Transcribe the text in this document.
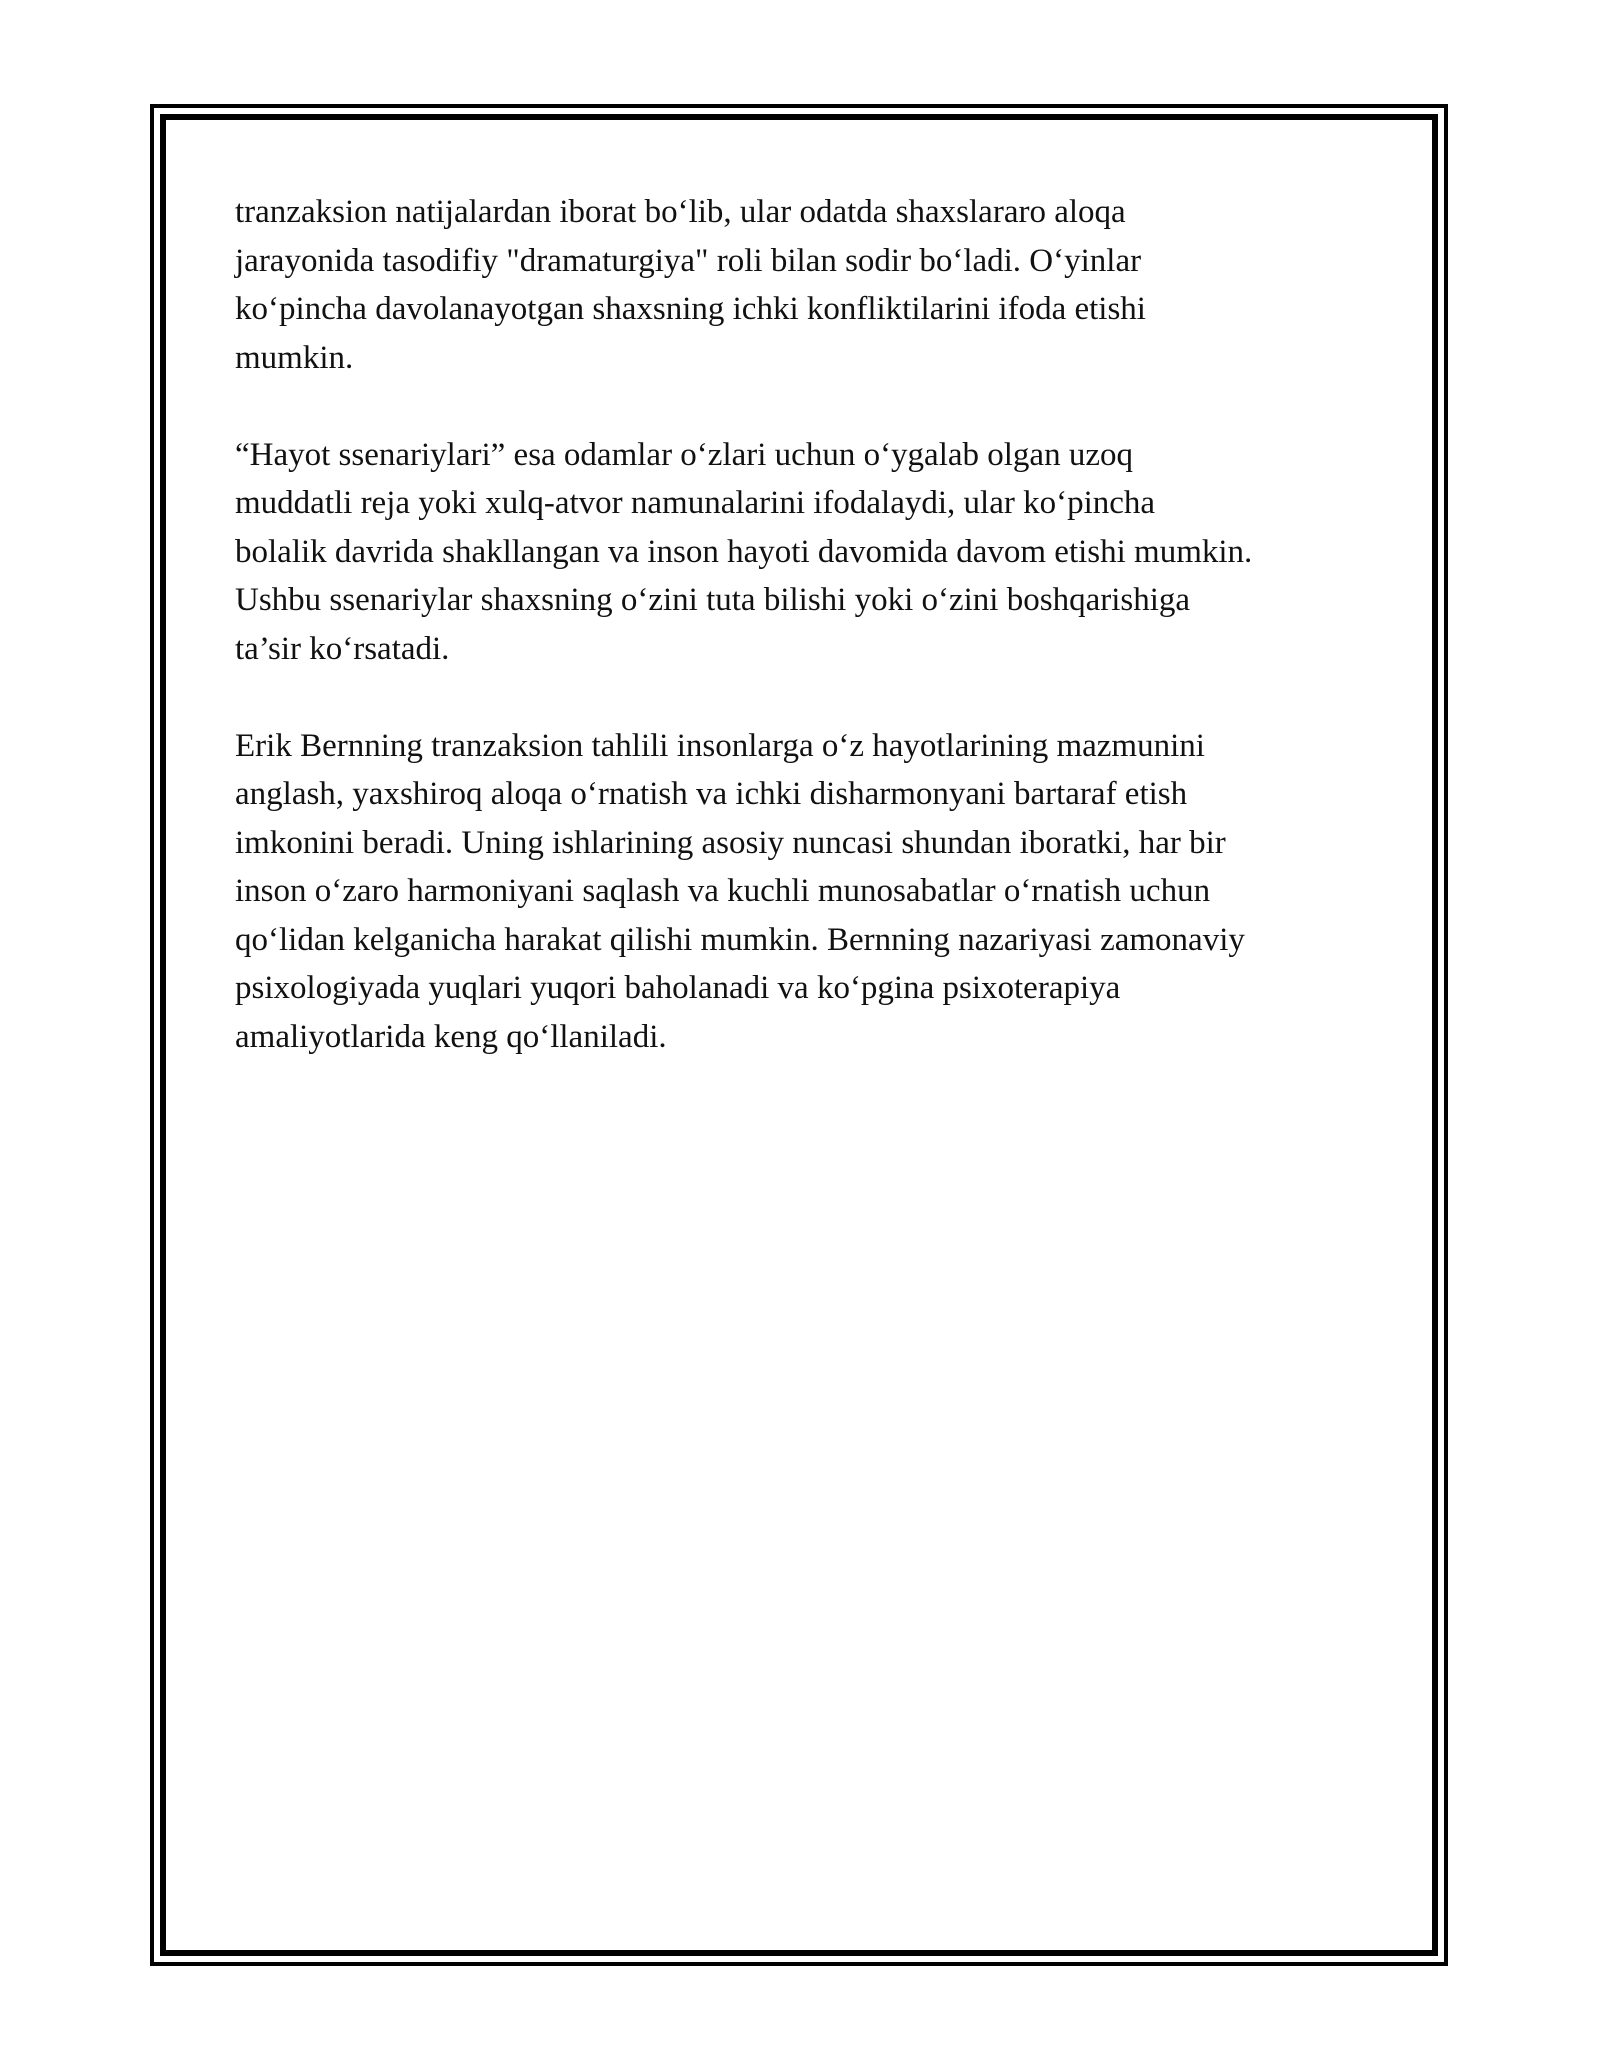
tranzaksion natijalardan iborat boʻlib, ular odatda shaxslararo aloqa
jarayonida tasodifiy "dramaturgiya" roli bilan sodir boʻladi. Oʻyinlar
koʻpincha davolanayotgan shaxsning ichki konfliktilarini ifoda etishi
mumkin.

“Hayot ssenariylari” esa odamlar oʻzlari uchun oʻygalab olgan uzoq
muddatli reja yoki xulq-atvor namunalarini ifodalaydi, ular koʻpincha
bolalik davrida shakllangan va inson hayoti davomida davom etishi mumkin.
Ushbu ssenariylar shaxsning oʻzini tuta bilishi yoki oʻzini boshqarishiga
ta’sir koʻrsatadi.

Erik Bernning tranzaksion tahlili insonlarga oʻz hayotlarining mazmunini
anglash, yaxshiroq aloqa oʻrnatish va ichki disharmonyani bartaraf etish
imkonini beradi. Uning ishlarining asosiy nuncasi shundan iboratki, har bir
inson oʻzaro harmoniyani saqlash va kuchli munosabatlar oʻrnatish uchun
qoʻlidan kelganicha harakat qilishi mumkin. Bernning nazariyasi zamonaviy
psixologiyada yuqlari yuqori baholanadi va koʻpgina psixoterapiya
amaliyotlarida keng qoʻllaniladi.
